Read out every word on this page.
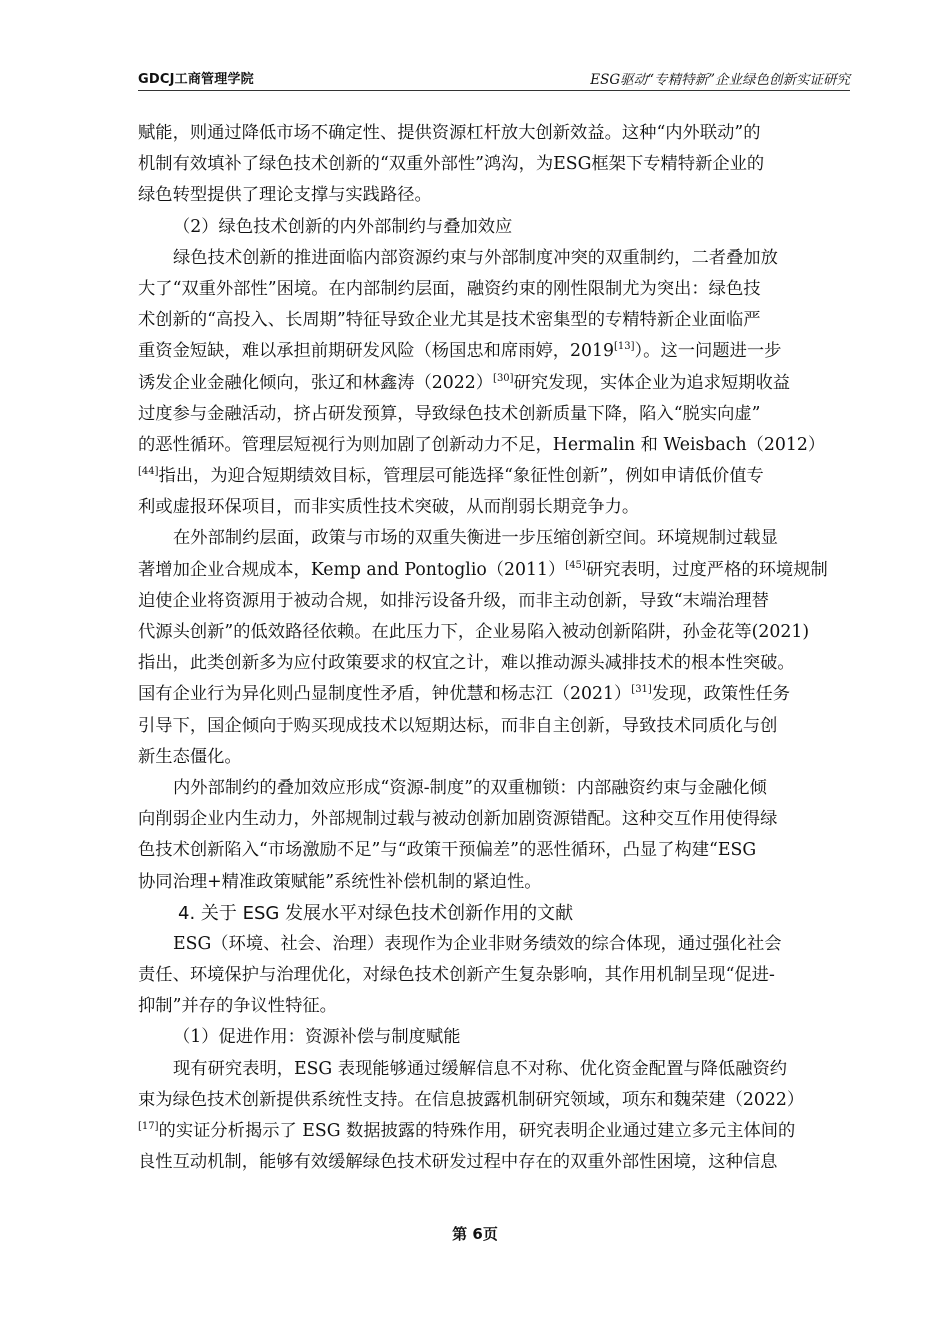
GDCJ工商管理学院	ESG驱动“专精特新”企业绿色创新实证研究
赋能，则通过降低市场不确定性、提供资源杠杆放大创新效益。这种“内外联动”的
机制有效填补了绿色技术创新的“双重外部性”鸿沟，为ESG框架下专精特新企业的
绿色转型提供了理论支撑与实践路径。
（2）绿色技术创新的内外部制约与叠加效应
绿色技术创新的推进面临内部资源约束与外部制度冲突的双重制约，二者叠加放
大了“双重外部性”困境。在内部制约层面，融资约束的刚性限制尤为突出：绿色技
术创新的“高投入、长周期”特征导致企业尤其是技术密集型的专精特新企业面临严
重资金短缺，难以承担前期研发风险（杨国忠和席雨婷，2019[13]）。这一问题进一步
诱发企业金融化倾向，张辽和林鑫涛（2022）[30]研究发现，实体企业为追求短期收益
过度参与金融活动，挤占研发预算，导致绿色技术创新质量下降，陷入“脱实向虚”
的恶性循环。管理层短视行为则加剧了创新动力不足，Hermalin 和 Weisbach（2012）
[44]指出，为迎合短期绩效目标，管理层可能选择“象征性创新”，例如申请低价值专
利或虚报环保项目，而非实质性技术突破，从而削弱长期竞争力。
在外部制约层面，政策与市场的双重失衡进一步压缩创新空间。环境规制过载显
著增加企业合规成本，Kemp and Pontoglio（2011）[45]研究表明，过度严格的环境规制
迫使企业将资源用于被动合规，如排污设备升级，而非主动创新，导致“末端治理替
代源头创新”的低效路径依赖。在此压力下，企业易陷入被动创新陷阱，孙金花等(2021)
指出，此类创新多为应付政策要求的权宜之计，难以推动源头减排技术的根本性突破。
国有企业行为异化则凸显制度性矛盾，钟优慧和杨志江（2021）[31]发现，政策性任务
引导下，国企倾向于购买现成技术以短期达标，而非自主创新，导致技术同质化与创
新生态僵化。
内外部制约的叠加效应形成“资源-制度”的双重枷锁：内部融资约束与金融化倾
向削弱企业内生动力，外部规制过载与被动创新加剧资源错配。这种交互作用使得绿
色技术创新陷入“市场激励不足”与“政策干预偏差”的恶性循环，凸显了构建“ESG
协同治理+精准政策赋能”系统性补偿机制的紧迫性。
4. 关于 ESG 发展水平对绿色技术创新作用的文献
ESG（环境、社会、治理）表现作为企业非财务绩效的综合体现，通过强化社会
责任、环境保护与治理优化，对绿色技术创新产生复杂影响，其作用机制呈现“促进-
抑制”并存的争议性特征。
（1）促进作用：资源补偿与制度赋能
现有研究表明，ESG 表现能够通过缓解信息不对称、优化资金配置与降低融资约
束为绿色技术创新提供系统性支持。在信息披露机制研究领域，项东和魏荣建（2022）
[17]的实证分析揭示了 ESG 数据披露的特殊作用，研究表明企业通过建立多元主体间的
良性互动机制，能够有效缓解绿色技术研发过程中存在的双重外部性困境，这种信息
第 6页
